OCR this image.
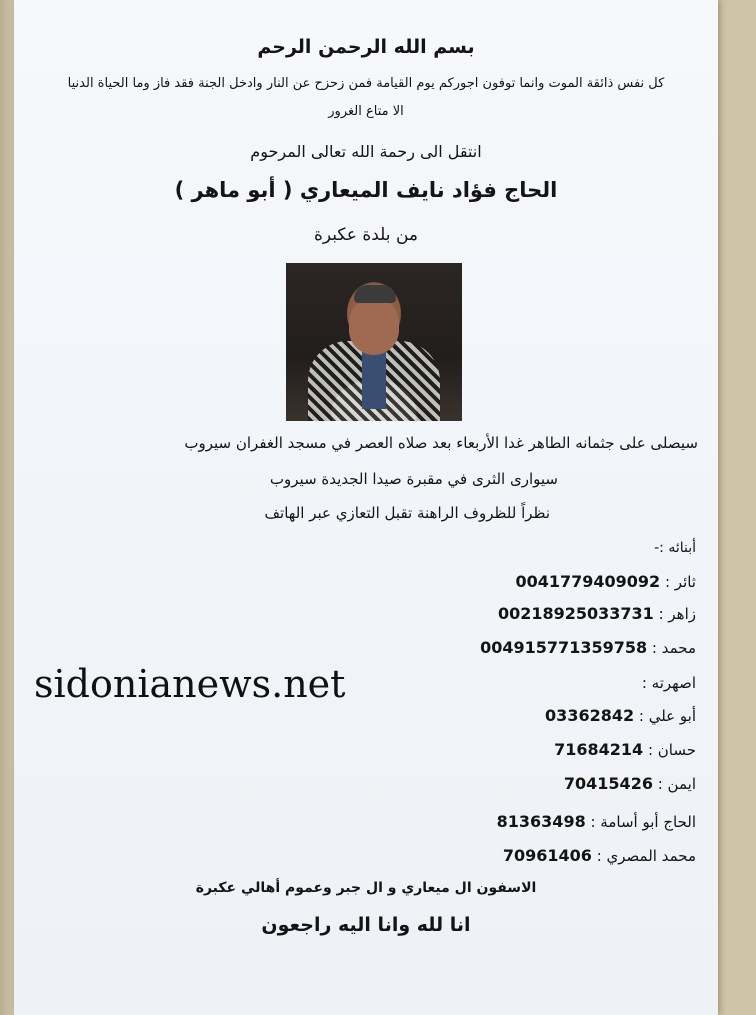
بسم الله الرحمن الرحم
كل نفس ذائقة الموت وانما توفون اجوركم يوم القيامة فمن زحزح عن النار وادخل الجنة فقد فاز وما الحياة الدنيا
الا متاع الغرور
انتقل الى رحمة الله تعالى المرحوم
الحاج فؤاد نايف الميعاري ( أبو ماهر )
من بلدة عكبرة
سيصلى على جثمانه الطاهر غدا الأربعاء بعد صلاه العصر في مسجد الغفران سيروب
سيوارى الثرى في مقبرة صيدا الجديدة سيروب
نظراً للظروف الراهنة تقبل التعازي عبر الهاتف
أبنائه :-
ثائر : 0041779409092
زاهر : 00218925033731
محمد : 004915771359758
اصهرته :
أبو علي : 03362842
حسان : 71684214
ايمن : 70415426
الحاج أبو أسامة : 81363498
محمد المصري : 70961406
الاسفون ال ميعاري و ال جبر وعموم أهالي عكبرة
انا لله وانا اليه راجعون
sidonianews.net
